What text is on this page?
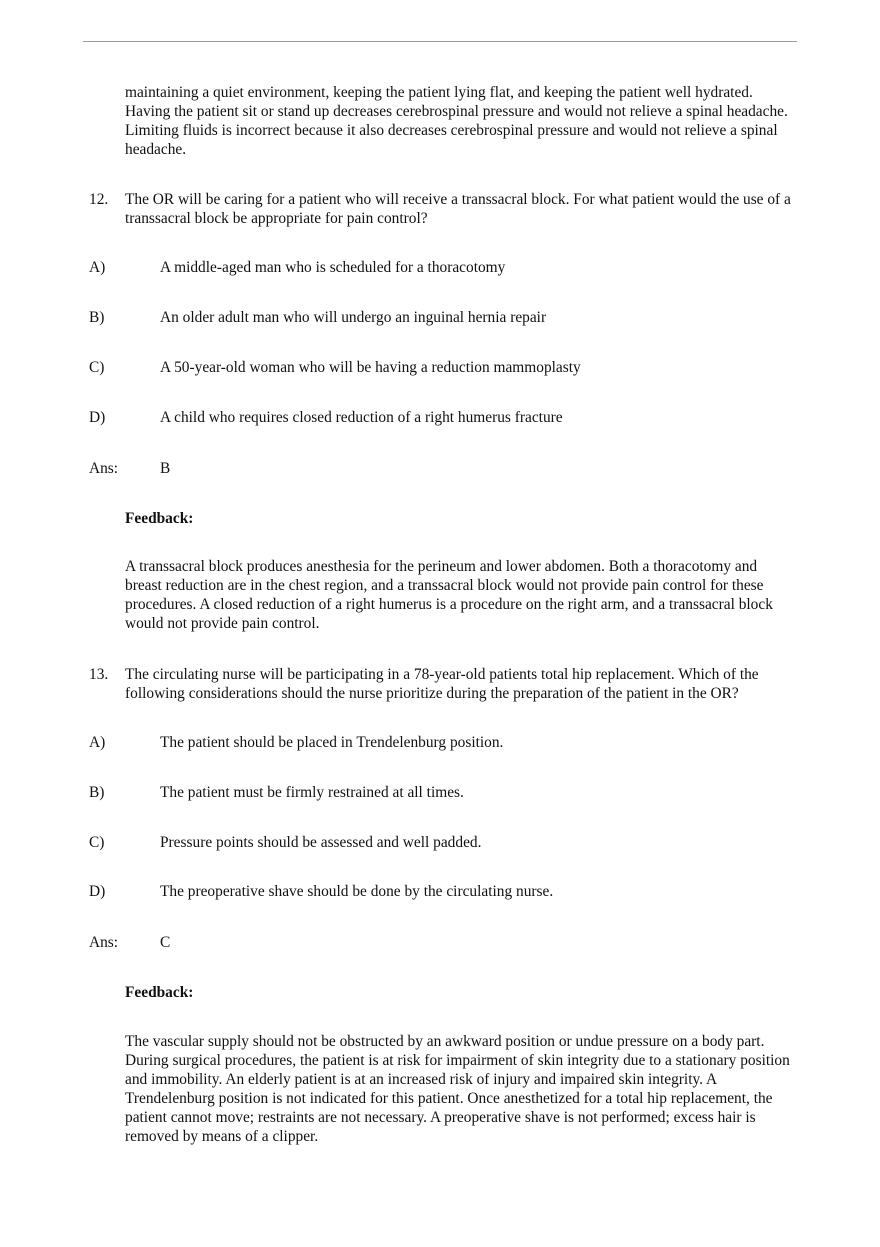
maintaining a quiet environment, keeping the patient lying flat, and keeping the patient well hydrated. Having the patient sit or stand up decreases cerebrospinal pressure and would not relieve a spinal headache. Limiting fluids is incorrect because it also decreases cerebrospinal pressure and would not relieve a spinal headache.

12. The OR will be caring for a patient who will receive a transsacral block. For what patient would the use of a transsacral block be appropriate for pain control?

A)	A middle-aged man who is scheduled for a thoracotomy
B)	An older adult man who will undergo an inguinal hernia repair
C)	A 50-year-old woman who will be having a reduction mammoplasty
D)	A child who requires closed reduction of a right humerus fracture
Ans:	B
Feedback:

A transsacral block produces anesthesia for the perineum and lower abdomen. Both a thoracotomy and breast reduction are in the chest region, and a transsacral block would not provide pain control for these procedures. A closed reduction of a right humerus is a procedure on the right arm, and a transsacral block would not provide pain control.

13. The circulating nurse will be participating in a 78-year-old patients total hip replacement. Which of the following considerations should the nurse prioritize during the preparation of the patient in the OR?

A)	The patient should be placed in Trendelenburg position.
B)	The patient must be firmly restrained at all times.
C)	Pressure points should be assessed and well padded.
D)	The preoperative shave should be done by the circulating nurse.
Ans:	C
Feedback:

The vascular supply should not be obstructed by an awkward position or undue pressure on a body part. During surgical procedures, the patient is at risk for impairment of skin integrity due to a stationary position and immobility. An elderly patient is at an increased risk of injury and impaired skin integrity. A Trendelenburg position is not indicated for this patient. Once anesthetized for a total hip replacement, the patient cannot move; restraints are not necessary. A preoperative shave is not performed; excess hair is removed by means of a clipper.
